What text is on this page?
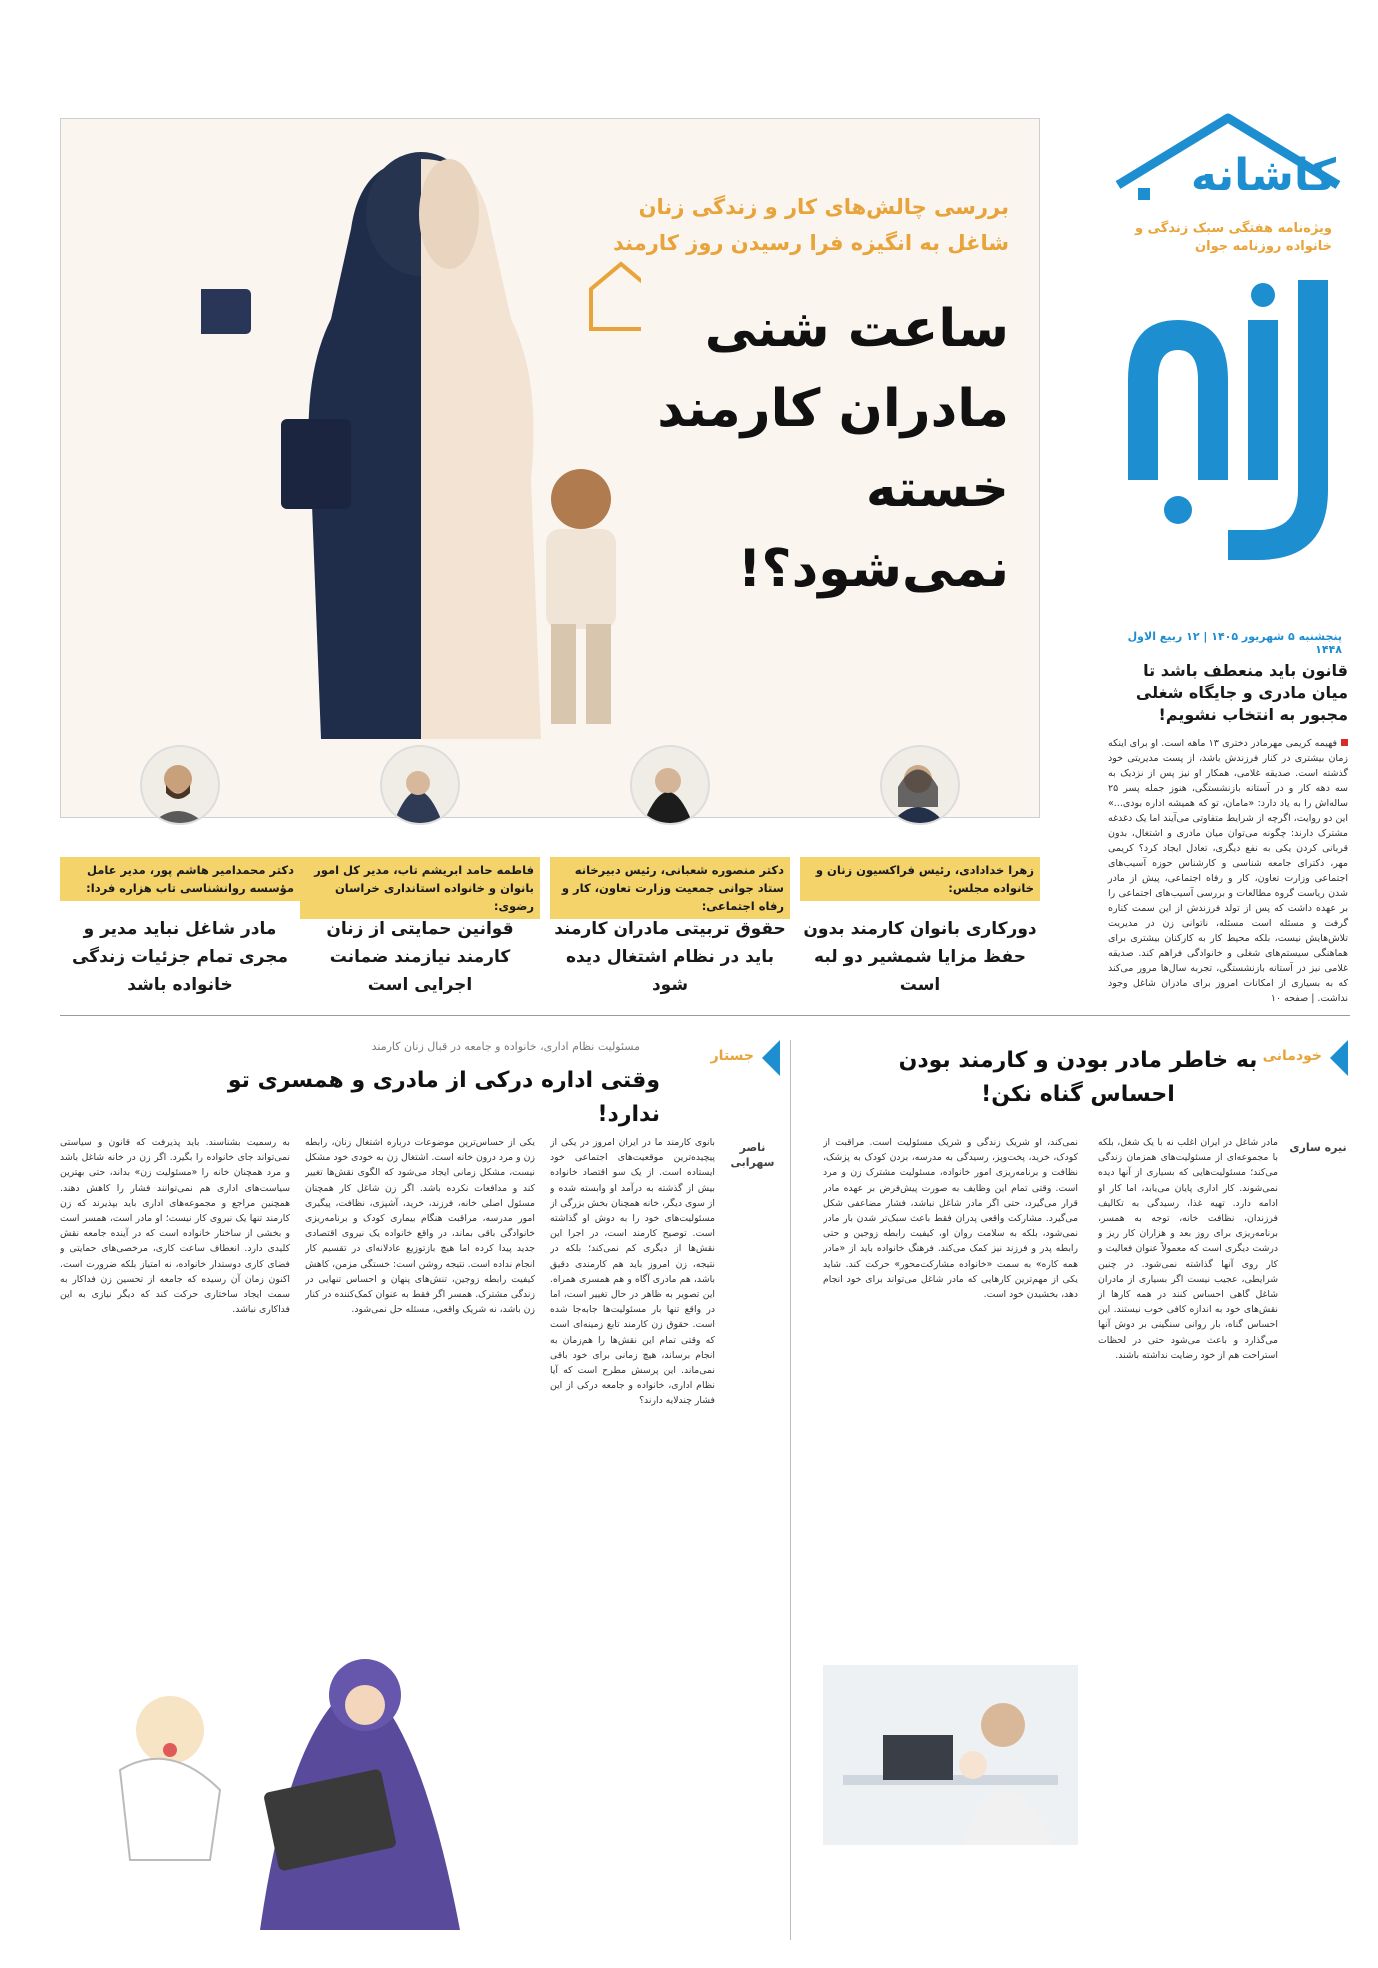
کاشانه
ویژه‌نامه هفتگی سبک زندگی و خانواده روزنامه جوان
پنجشنبه ۵ شهریور ۱۴۰۵ | ۱۲ ربیع الاول ۱۴۴۸
قانون باید منعطف باشد تا میان مادری و جایگاه شغلی مجبور به انتخاب نشویم!

فهیمه کریمی مهرمادر دختری ۱۳ ماهه است. او برای اینکه زمان بیشتری در کنار فرزندش باشد، از پست مدیریتی خود گذشته است. صدیقه غلامی، همکار او نیز پس از نزدیک به سه دهه کار و در آستانه بازنشستگی، هنوز جمله پسر ۲۵ ساله‌اش را به یاد دارد: «مامان، تو که همیشه اداره بودی...» این دو روایت، اگرچه از شرایط متفاوتی می‌آیند اما یک دغدغه مشترک دارند: چگونه می‌توان میان مادری و اشتغال، بدون قربانی کردن یکی به نفع دیگری، تعادل ایجاد کرد؟ کریمی مهر، دکترای جامعه شناسی و کارشناس حوزه آسیب‌های اجتماعی وزارت تعاون، کار و رفاه اجتماعی، پیش از مادر شدن ریاست گروه مطالعات و بررسی آسیب‌های اجتماعی را بر عهده داشت که پس از تولد فرزندش از این سمت کناره گرفت و مسئله است مسئله، ناتوانی زن در مدیریت تلاش‌هایش نیست، بلکه محیط کار به کارکنان بیشتری برای هماهنگی سیستم‌های شغلی و خانوادگی فراهم کند. صدیقه غلامی نیز در آستانه بازنشستگی، تجربه سال‌ها مرور می‌کند که به بسیاری از امکانات امروز برای مادران شاغل وجود نداشت. | صفحه ۱۰

بررسی چالش‌های کار و زندگی زنان شاغل به انگیزه فرا رسیدن روز کارمند
ساعت شنی مادران کارمند خسته نمی‌شود؟!
زهرا خدادادی، رئیس فراکسیون زنان و خانواده مجلس:
دورکاری بانوان کارمند بدون حفظ مزایا شمشیر دو لبه است
دکتر منصوره شعبانی، رئیس دبیرخانه ستاد جوانی جمعیت وزارت تعاون، کار و رفاه اجتماعی:
حقوق تربیتی مادران کارمند باید در نظام اشتغال دیده شود
فاطمه حامد ابریشم تاب، مدیر کل امور بانوان و خانواده استانداری خراسان رضوی:
قوانین حمایتی از زنان کارمند نیازمند ضمانت اجرایی است
دکتر محمدامیر هاشم پور، مدیر عامل مؤسسه روانشناسی تاب هزاره فردا:
مادر شاغل نباید مدیر و مجری تمام جزئیات زندگی خانواده باشد
خودمانی
به خاطر مادر بودن و کارمند بودن احساس گناه نکن!
نیره ساری
مادر شاغل در ایران اغلب نه با یک شغل، بلکه با مجموعه‌ای از مسئولیت‌های همزمان زندگی می‌کند؛ مسئولیت‌هایی که بسیاری از آنها دیده نمی‌شوند. کار اداری پایان می‌یابد، اما کار او ادامه دارد. تهیه غذا، رسیدگی به تکالیف فرزندان، نظافت خانه، توجه به همسر، برنامه‌ریزی برای روز بعد و هزاران کار ریز و درشت دیگری است که معمولاً عنوان فعالیت و کار روی آنها گذاشته نمی‌شود. در چنین شرایطی، عجیب نیست اگر بسیاری از مادران شاغل گاهی احساس کنند در همه کارها از نقش‌های خود به اندازه کافی خوب نیستند. این احساس گناه، بار روانی سنگینی بر دوش آنها می‌گذارد و باعث می‌شود حتی در لحظات استراحت هم از خود رضایت نداشته باشند.
نمی‌کند، او شریک زندگی و شریک مسئولیت است. مراقبت از کودک، خرید، پخت‌وپز، رسیدگی به مدرسه، بردن کودک به پزشک، نظافت و برنامه‌ریزی امور خانواده، مسئولیت مشترک زن و مرد است. وقتی تمام این وظایف به صورت پیش‌فرض بر عهده مادر قرار می‌گیرد، حتی اگر مادر شاغل نباشد، فشار مضاعفی شکل می‌گیرد. مشارکت واقعی پدران فقط باعث سبک‌تر شدن بار مادر نمی‌شود، بلکه به سلامت روان او، کیفیت رابطه زوجین و حتی رابطه پدر و فرزند نیز کمک می‌کند. فرهنگ خانواده باید از «مادر همه کاره» به سمت «خانواده مشارکت‌محور» حرکت کند. شاید یکی از مهم‌ترین کارهایی که مادر شاغل می‌تواند برای خود انجام دهد، بخشیدن خود است.
جستار
مسئولیت نظام اداری، خانواده و جامعه در قبال زنان کارمند
وقتی اداره درکی از مادری و همسری تو ندارد!
ناصر سهرابی
بانوی کارمند ما در ایران امروز در یکی از پیچیده‌ترین موقعیت‌های اجتماعی خود ایستاده است. از یک سو اقتصاد خانواده بیش از گذشته به درآمد او وابسته شده و از سوی دیگر، خانه همچنان بخش بزرگی از مسئولیت‌های خود را به دوش او گذاشته است. توصیح کارمند است، در اجرا این نقش‌ها از دیگری کم نمی‌کند؛ بلکه در نتیجه، زن امروز باید هم کارمندی دقیق باشد، هم مادری آگاه و هم همسری همراه. این تصویر به ظاهر در حال تغییر است، اما در واقع تنها بار مسئولیت‌ها جابه‌جا شده است. حقوق زن کارمند تابع زمینه‌ای است که وقتی تمام این نقش‌ها را هم‌زمان به انجام برساند، هیچ زمانی برای خود باقی نمی‌ماند. این پرسش مطرح است که آیا نظام اداری، خانواده و جامعه درکی از این فشار چندلایه دارند؟
یکی از حساس‌ترین موضوعات درباره اشتغال زنان، رابطه زن و مرد درون خانه است. اشتغال زن به خودی خود مشکل نیست، مشکل زمانی ایجاد می‌شود که الگوی نقش‌ها تغییر کند و مدافعات نکرده باشد. اگر زن شاغل کار همچنان مسئول اصلی خانه، فرزند، خرید، آشپزی، نظافت، پیگیری امور مدرسه، مراقبت هنگام بیماری کودک و برنامه‌ریزی خانوادگی باقی بماند، در واقع خانواده یک نیروی اقتصادی جدید پیدا کرده اما هیچ بازتوزیع عادلانه‌ای در تقسیم کار انجام نداده است. نتیجه روشن است: خستگی مزمن، کاهش کیفیت رابطه زوجین، تنش‌های پنهان و احساس تنهایی در زندگی مشترک. همسر اگر فقط به عنوان کمک‌کننده در کنار زن باشد، نه شریک واقعی، مسئله حل نمی‌شود.
به رسمیت بشناسند. باید پذیرفت که قانون و سیاستی نمی‌تواند جای خانواده را بگیرد. اگر زن در خانه شاغل باشد و مرد همچنان خانه را «مسئولیت زن» بداند، حتی بهترین سیاست‌های اداری هم نمی‌توانند فشار را کاهش دهند. همچنین مراجع و مجموعه‌های اداری باید بپذیرند که زن کارمند تنها یک نیروی کار نیست؛ او مادر است، همسر است و بخشی از ساختار خانواده است که در آینده جامعه نقش کلیدی دارد. انعطاف ساعت کاری، مرخصی‌های حمایتی و فضای کاری دوستدار خانواده، نه امتیاز بلکه ضرورت است. اکنون زمان آن رسیده که جامعه از تحسین زن فداکار به سمت ایجاد ساختاری حرکت کند که دیگر نیازی به این فداکاری نباشد.
